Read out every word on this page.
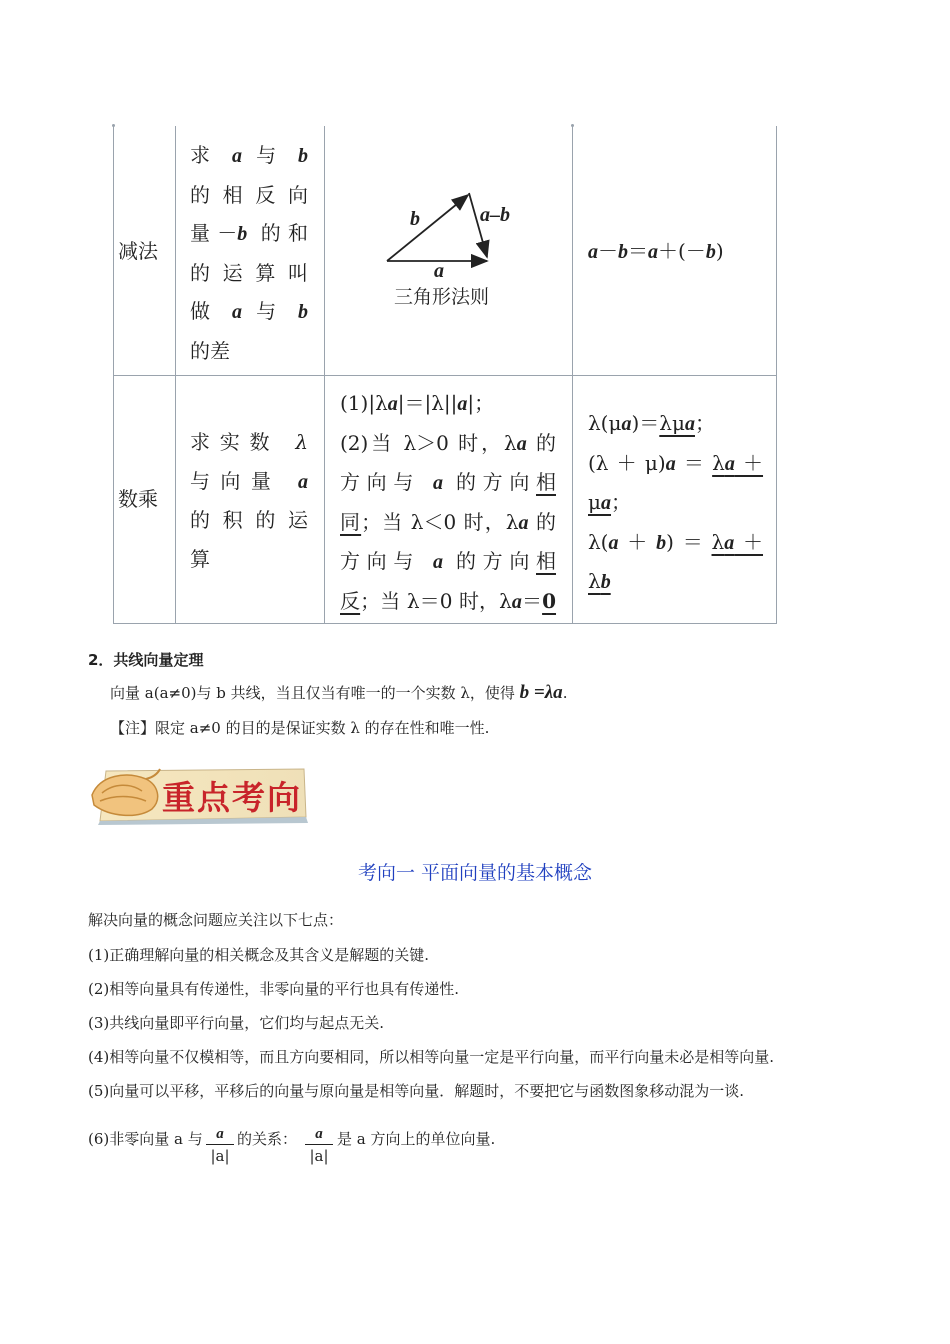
减法
求 a 与 b
的相反向
量－b 的和
的运算叫
做 a 与 b
的差
b	a–b
a
三角形法则
a－b＝a＋(－b)
数乘
求实数 λ
与向量 a
的积的运
算
(1)|λa|＝|λ||a|；
(2)当 λ＞0 时，λa 的
方向与 a 的方向相
同；当 λ＜0 时，λa 的
方向与 a 的方向相
反；当 λ＝0 时，λa＝0
λ(μa)＝λμa；
(λ＋μ)a＝λa＋
μa；
λ(a＋b)＝λa＋
λb
2．共线向量定理
向量 a(a≠0)与 b 共线，当且仅当有唯一的一个实数 λ，使得 b =λa.
【注】限定 a≠0 的目的是保证实数 λ 的存在性和唯一性.
重点考向
考向一 平面向量的基本概念
解决向量的概念问题应关注以下七点：
(1)正确理解向量的相关概念及其含义是解题的关键.
(2)相等向量具有传递性，非零向量的平行也具有传递性.
(3)共线向量即平行向量，它们均与起点无关.
(4)相等向量不仅模相等，而且方向要相同，所以相等向量一定是平行向量，而平行向量未必是相等向量.
(5)向量可以平移，平移后的向量与原向量是相等向量．解题时，不要把它与函数图象移动混为一谈.
(6)非零向量 a 与 $\frac{a}{|a|}$ 的关系： $\frac{a}{|a|}$ 是 a 方向上的单位向量.
